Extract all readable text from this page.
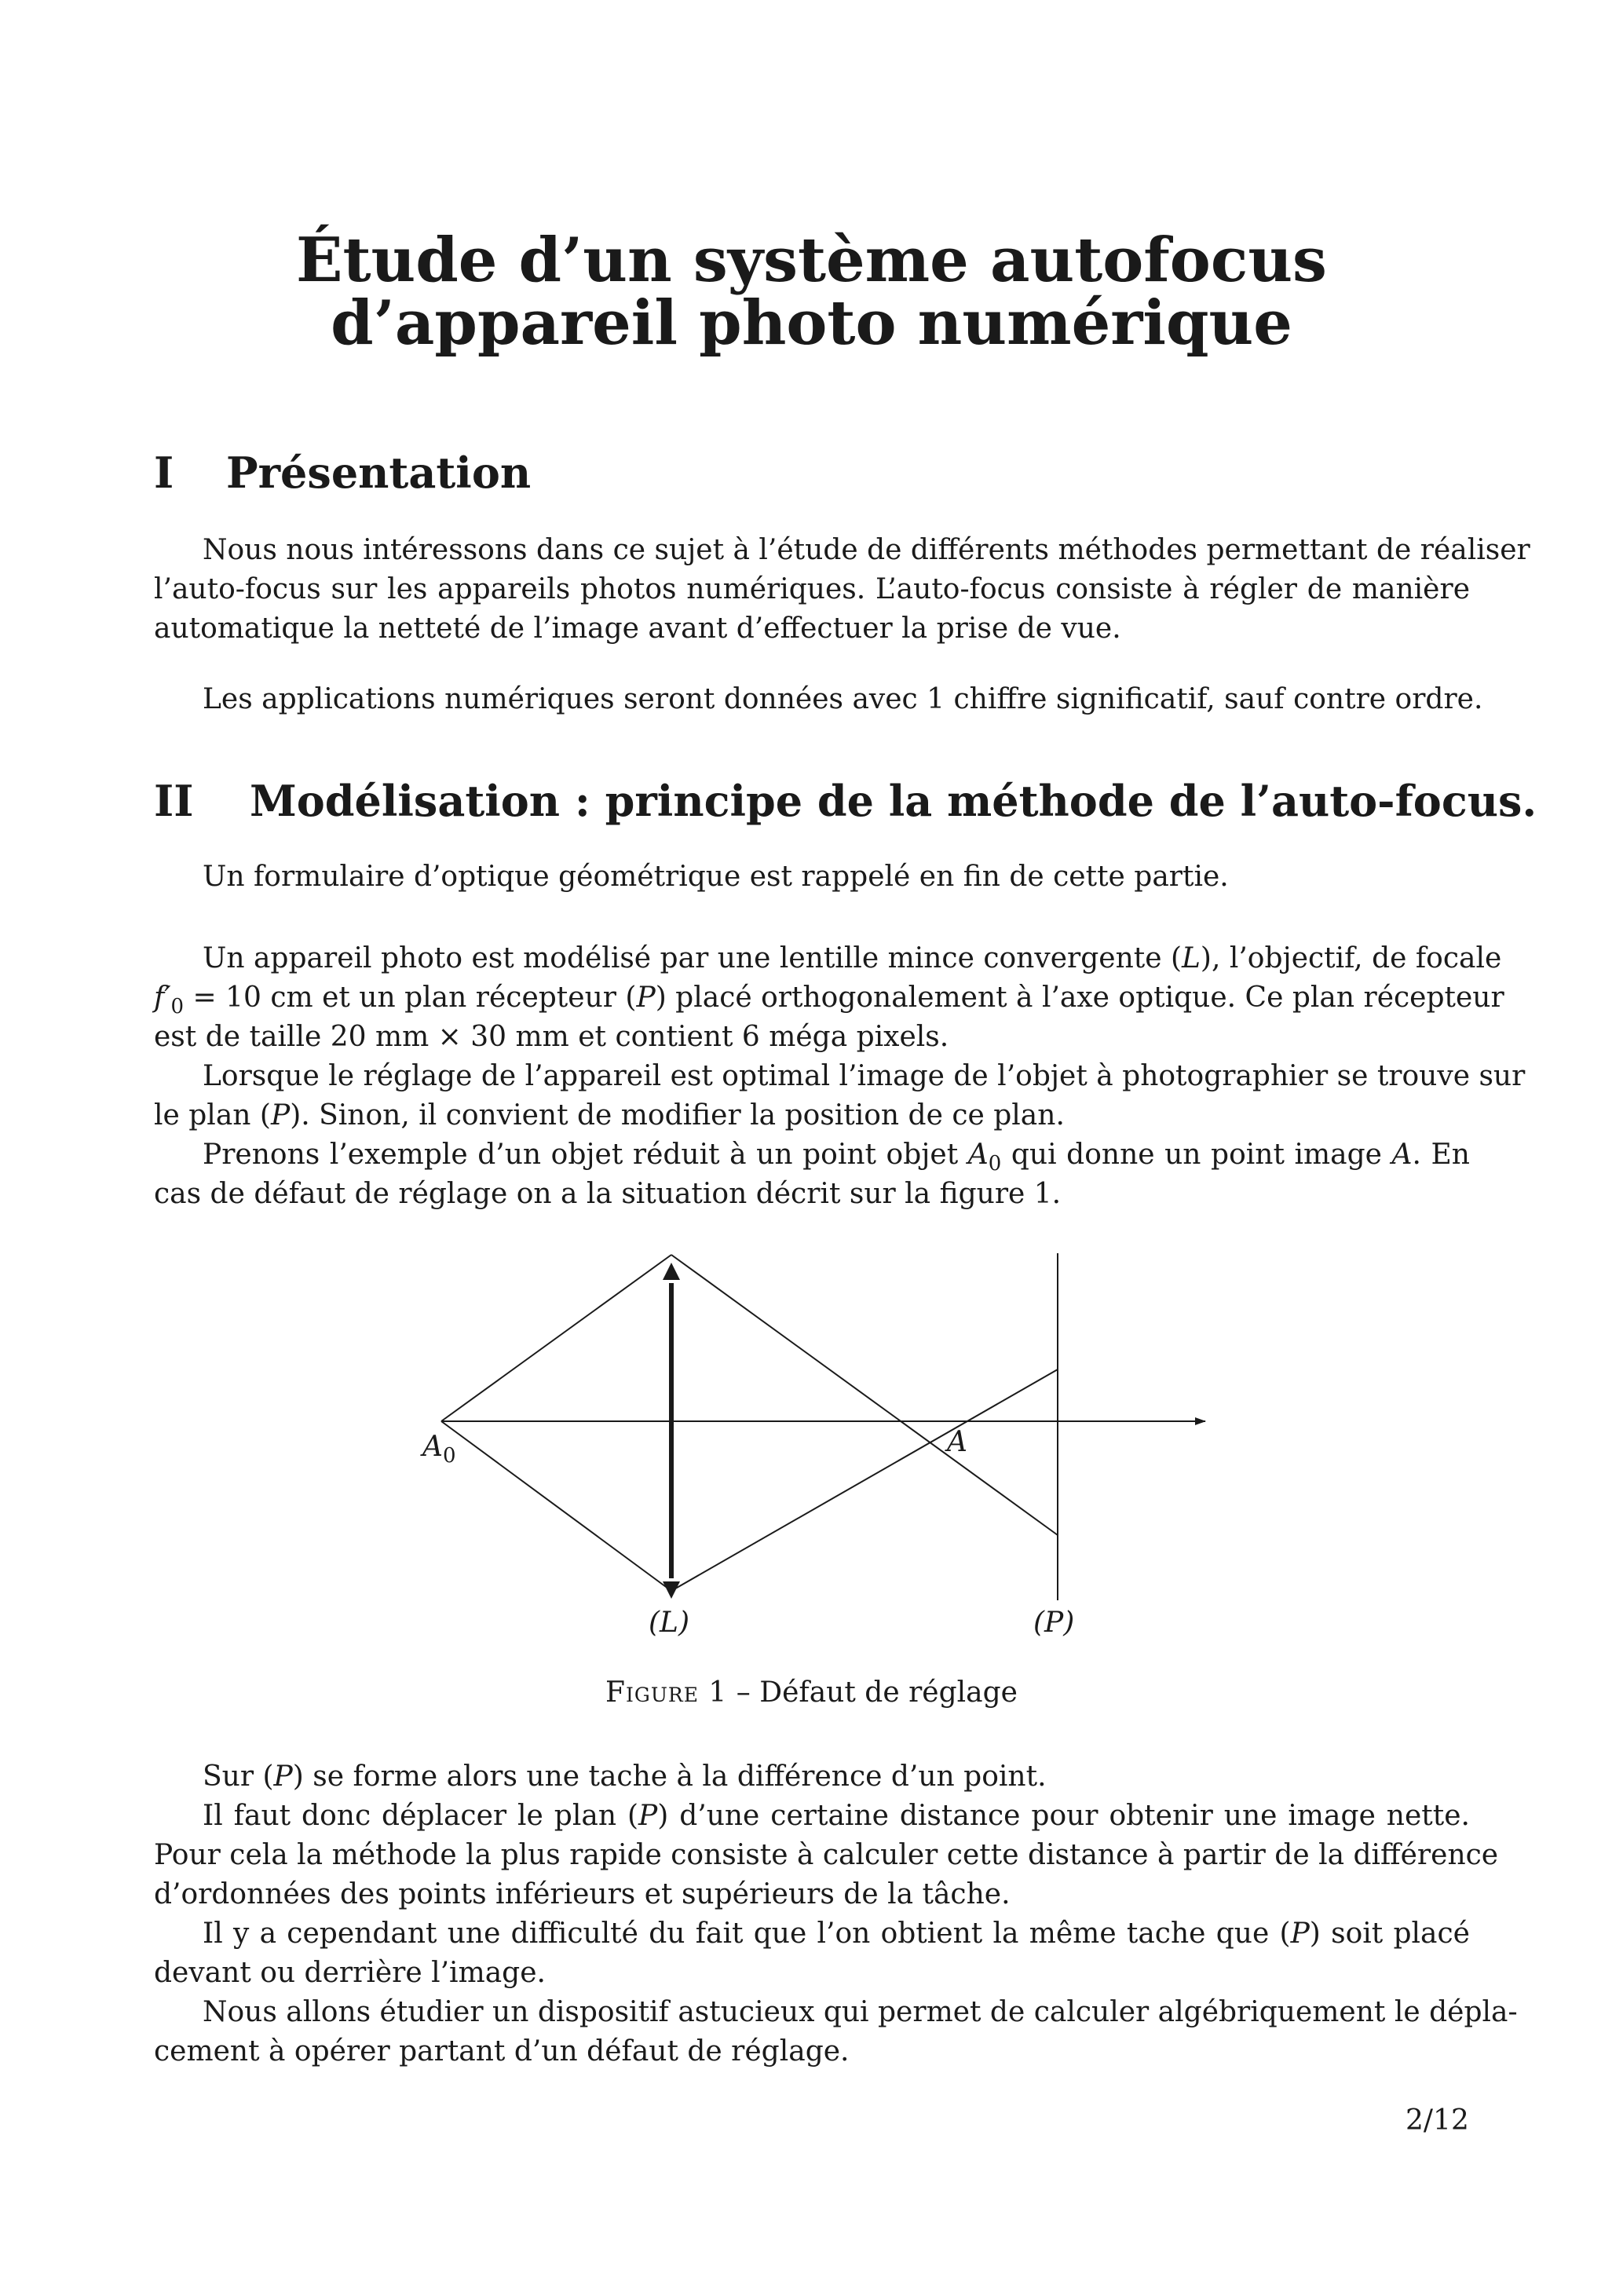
Étude d’un système autofocus
d’appareil photo numérique
I Présentation
Nous nous intéressons dans ce sujet à l’étude de différents méthodes permettant de réaliser
l’auto-focus sur les appareils photos numériques. L’auto-focus consiste à régler de manière
automatique la netteté de l’image avant d’effectuer la prise de vue.
Les applications numériques seront données avec 1 chiffre significatif, sauf contre ordre.
II Modélisation : principe de la méthode de l’auto-focus.
Un formulaire d’optique géométrique est rappelé en fin de cette partie.
Un appareil photo est modélisé par une lentille mince convergente (L), l’objectif, de focale
$f'_0 = 10$ cm et un plan récepteur (P) placé orthogonalement à l’axe optique. Ce plan récepteur
est de taille 20 mm × 30 mm et contient 6 méga pixels.
Lorsque le réglage de l’appareil est optimal l’image de l’objet à photographier se trouve sur
le plan (P). Sinon, il convient de modifier la position de ce plan.
Prenons l’exemple d’un objet réduit à un point objet $A_0$ qui donne un point image A. En
cas de défaut de réglage on a la situation décrit sur la figure 1.
$A_0$	A
(L)	(P)
Figure 1 – Défaut de réglage
Sur (P) se forme alors une tache à la différence d’un point.
Il faut donc déplacer le plan (P) d’une certaine distance pour obtenir une image nette.
Pour cela la méthode la plus rapide consiste à calculer cette distance à partir de la différence
d’ordonnées des points inférieurs et supérieurs de la tâche.
Il y a cependant une difficulté du fait que l’on obtient la même tache que (P) soit placé
devant ou derrière l’image.
Nous allons étudier un dispositif astucieux qui permet de calculer algébriquement le dépla-
cement à opérer partant d’un défaut de réglage.
2/12
